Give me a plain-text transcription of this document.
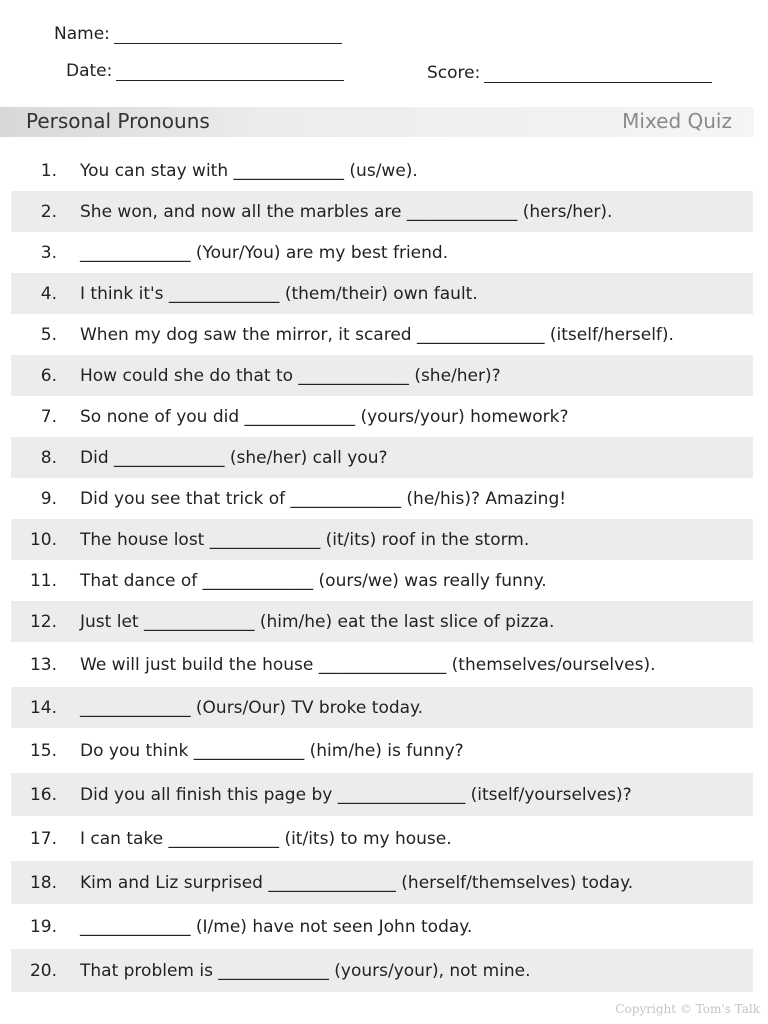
Name:
Date:	Score:
Personal Pronouns	Mixed Quiz
1. You can stay with _____________ (us/we).
2. She won, and now all the marbles are _____________ (hers/her).
3. _____________ (Your/You) are my best friend.
4. I think it's _____________ (them/their) own fault.
5. When my dog saw the mirror, it scared _______________ (itself/herself).
6. How could she do that to _____________ (she/her)?
7. So none of you did _____________ (yours/your) homework?
8. Did _____________ (she/her) call you?
9. Did you see that trick of _____________ (he/his)? Amazing!
10. The house lost _____________ (it/its) roof in the storm.
11. That dance of _____________ (ours/we) was really funny.
12. Just let _____________ (him/he) eat the last slice of pizza.
13. We will just build the house _______________ (themselves/ourselves).
14. _____________ (Ours/Our) TV broke today.
15. Do you think _____________ (him/he) is funny?
16. Did you all finish this page by _______________ (itself/yourselves)?
17. I can take _____________ (it/its) to my house.
18. Kim and Liz surprised _______________ (herself/themselves) today.
19. _____________ (I/me) have not seen John today.
20. That problem is _____________ (yours/your), not mine.
Copyright © Tom's Talk
